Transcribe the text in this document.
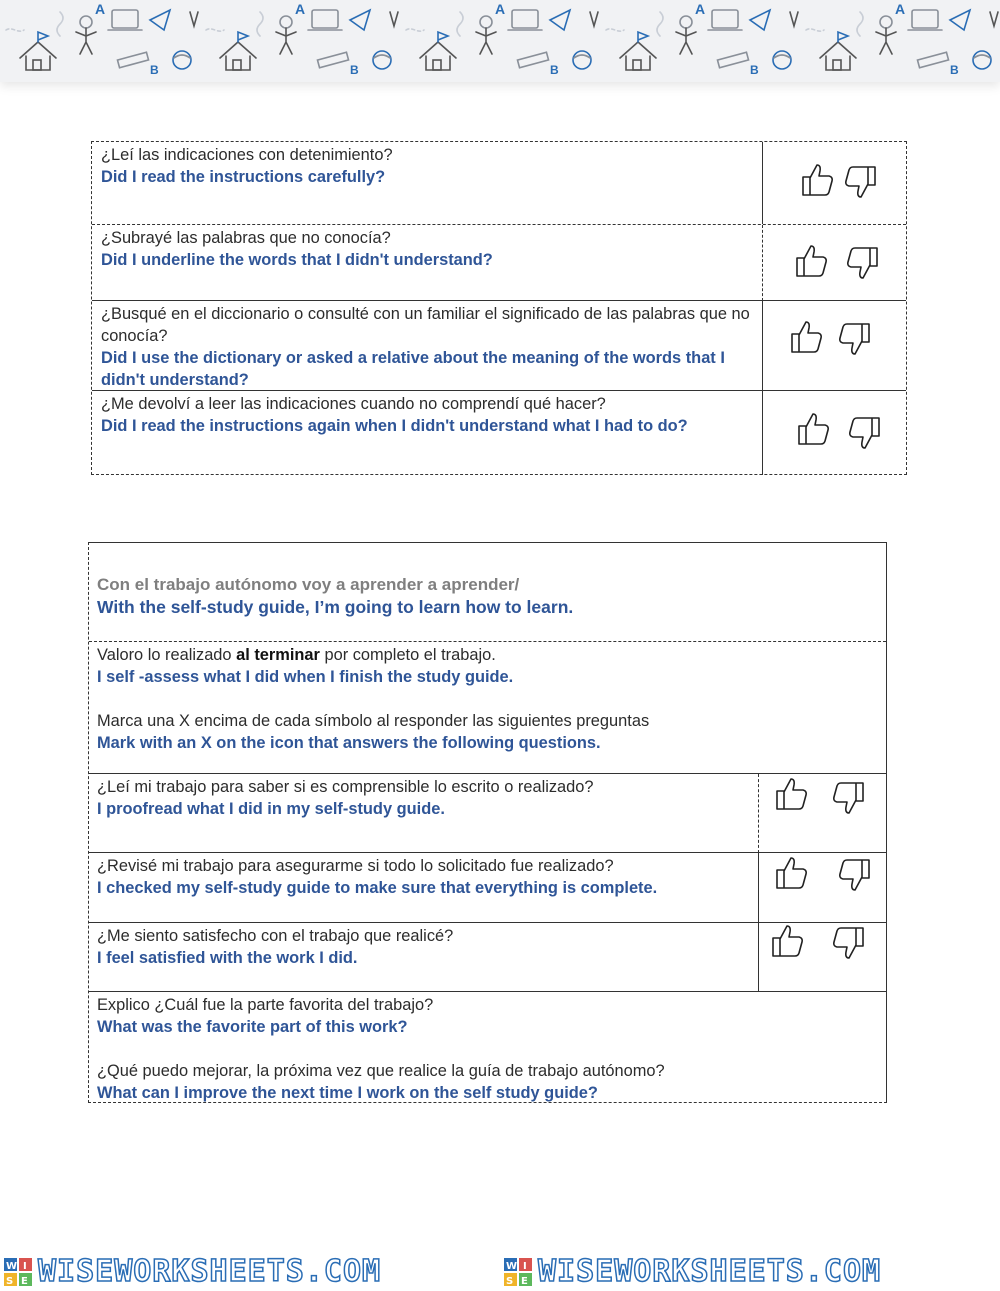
B
A
¿Leí las indicaciones con detenimiento?
Did I read the instructions carefully?
¿Subrayé las palabras que no conocía?
Did I underline the words that I didn't understand?
¿Busqué en el diccionario o consulté con un familiar el significado de las palabras que no conocía?
Did I use the dictionary or asked a relative about the meaning of the words that I didn't understand?
¿Me devolví a leer las indicaciones cuando no comprendí qué hacer?
Did I read the instructions again when I didn't understand what I had to do?
Con el trabajo autónomo voy a aprender a aprender/
With the self-study guide, I’m going to learn how to learn.
Valoro lo realizado al terminar por completo el trabajo.
I self -assess what I did when I finish the study guide.
Marca una X encima de cada símbolo al responder las siguientes preguntas
Mark with an X on the icon that answers the following questions.
¿Leí mi trabajo para saber si es comprensible lo escrito o realizado?
I proofread what I did in my self-study guide.
¿Revisé mi trabajo para asegurarme si todo lo solicitado fue realizado?
I checked my self-study guide to make sure that everything is complete.
¿Me siento satisfecho con el trabajo que realicé?
I feel satisfied with the work I did.
Explico ¿Cuál fue la parte favorita del trabajo?
What was the favorite part of this work?
¿Qué puedo mejorar, la próxima vez que realice la guía de trabajo autónomo?
What can I improve the next time I work on the self study guide?
W I
S E WISEWORKSHEETS.COM	W I
S E WISEWORKSHEETS.COM
